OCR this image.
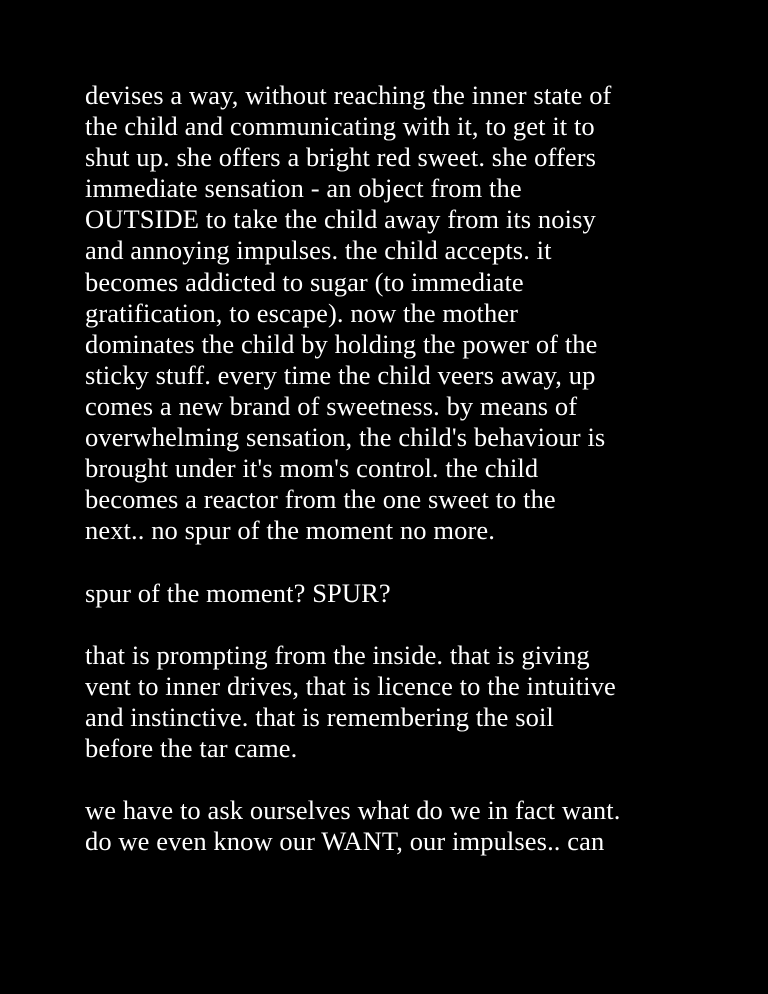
devises a way, without reaching the inner state of
the child and communicating with it, to get it to
shut up. she offers a bright red sweet. she offers
immediate sensation - an object from the
OUTSIDE to take the child away from its noisy
and annoying impulses. the child accepts. it
becomes addicted to sugar (to immediate
gratification, to escape). now the mother
dominates the child by holding the power of the
sticky stuff. every time the child veers away, up
comes a new brand of sweetness. by means of
overwhelming sensation, the child's behaviour is
brought under it's mom's control. the child
becomes a reactor from the one sweet to the
next.. no spur of the moment no more.

spur of the moment? SPUR?

that is prompting from the inside. that is giving
vent to inner drives, that is licence to the intuitive
and instinctive. that is remembering the soil
before the tar came.

we have to ask ourselves what do we in fact want.
do we even know our WANT, our impulses.. can
